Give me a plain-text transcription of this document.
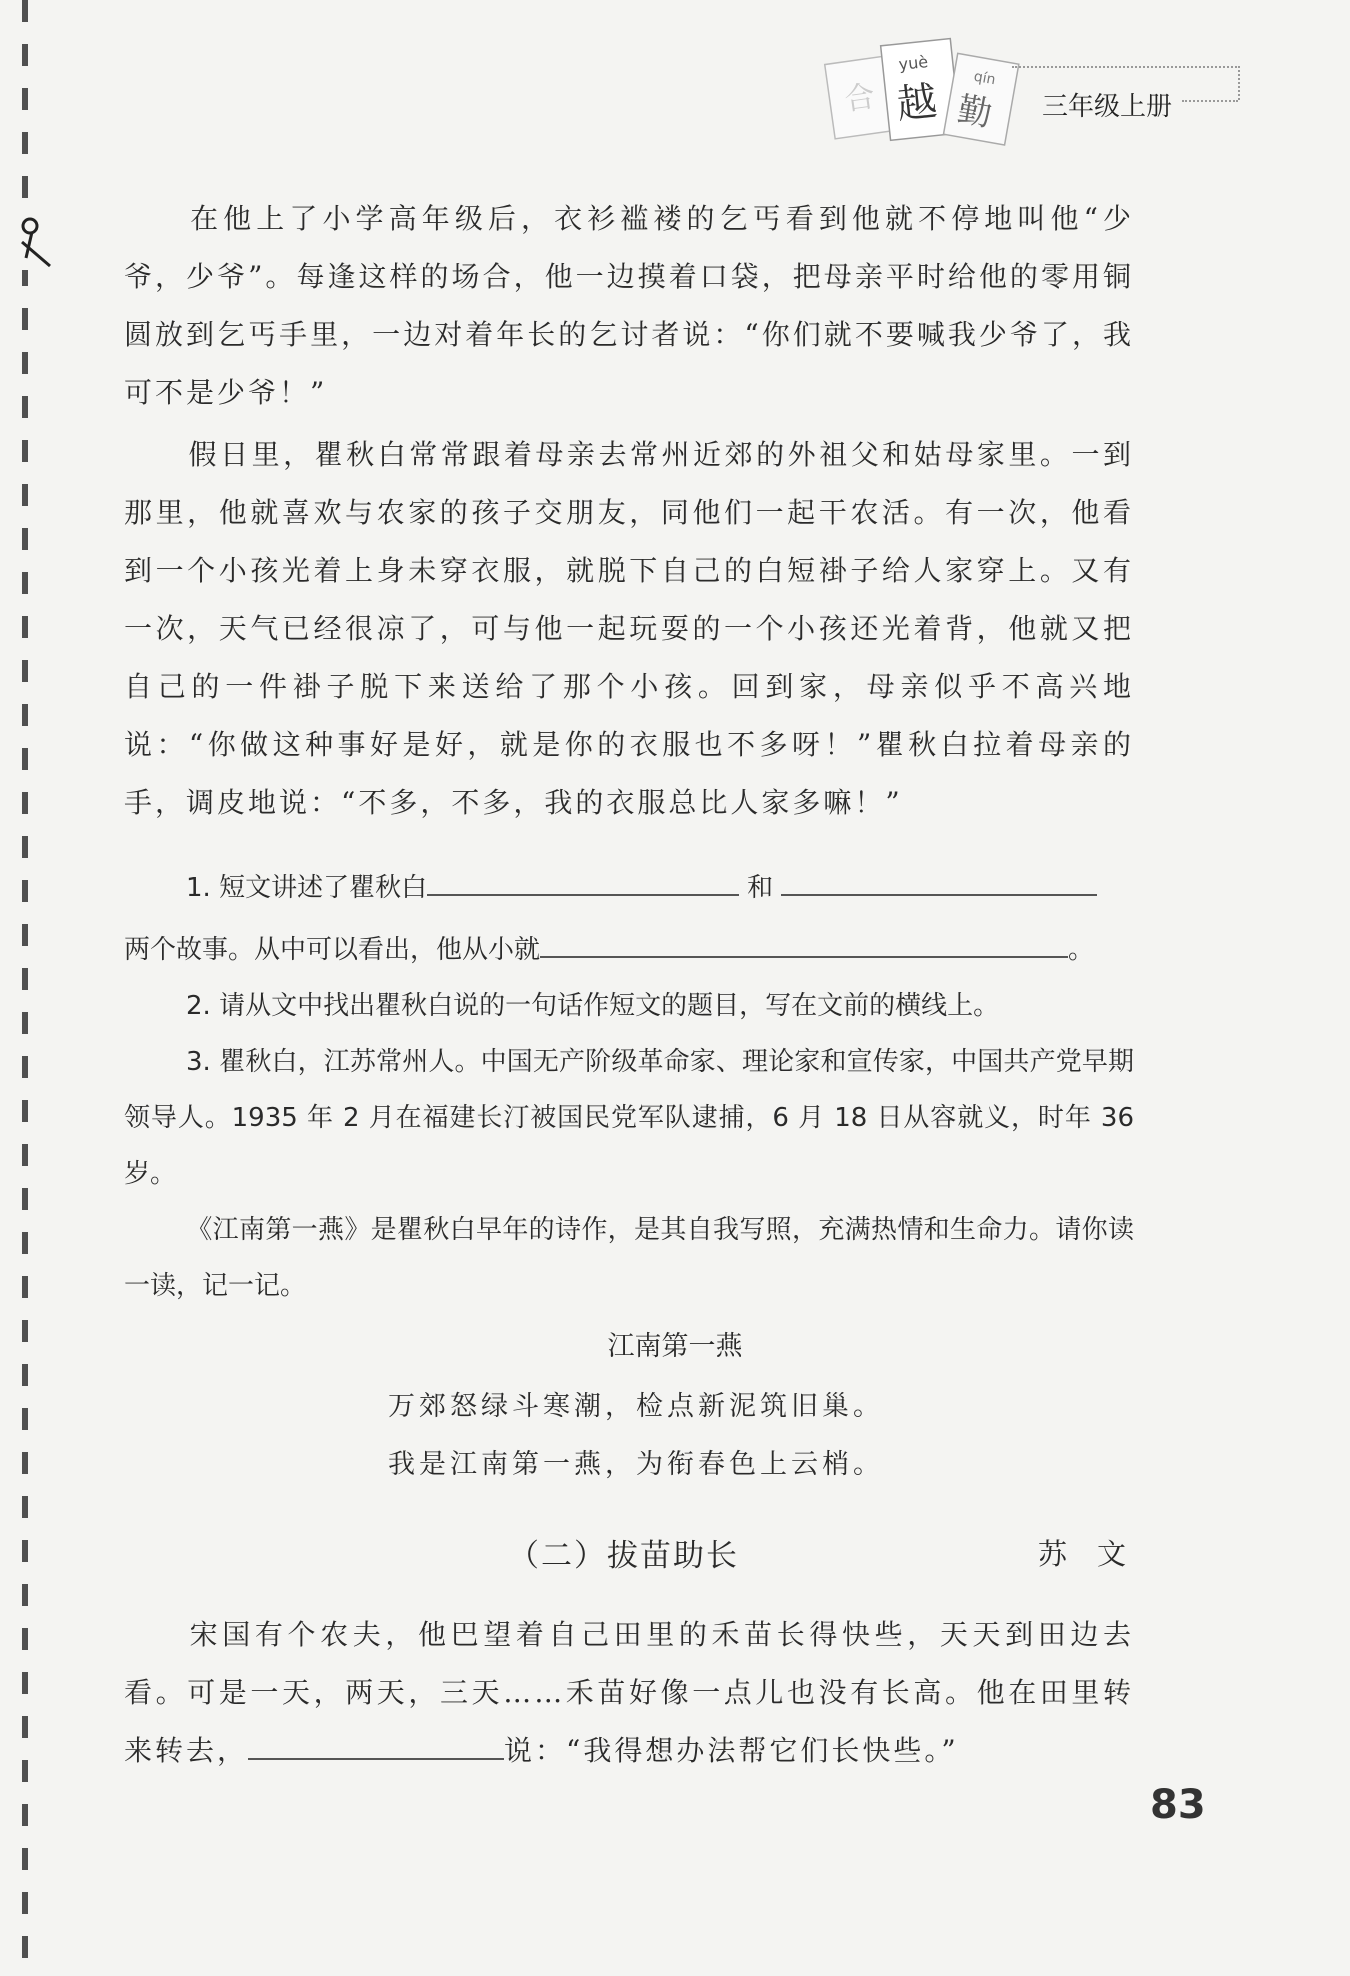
合
yuè
越 qín
勤 三年级上册

在他上了小学高年级后，衣衫褴褛的乞丐看到他就不停地叫他“少爷，少爷”。每逢这样的场合，他一边摸着口袋，把母亲平时给他的零用铜圆放到乞丐手里，一边对着年长的乞讨者说：“你们就不要喊我少爷了，我可不是少爷！”

假日里，瞿秋白常常跟着母亲去常州近郊的外祖父和姑母家里。一到那里，他就喜欢与农家的孩子交朋友，同他们一起干农活。有一次，他看到一个小孩光着上身未穿衣服，就脱下自己的白短褂子给人家穿上。又有一次，天气已经很凉了，可与他一起玩耍的一个小孩还光着背，他就又把自己的一件褂子脱下来送给了那个小孩。回到家，母亲似乎不高兴地说：“你做这种事好是好，就是你的衣服也不多呀！”瞿秋白拉着母亲的手，调皮地说：“不多，不多，我的衣服总比人家多嘛！”

1. 短文讲述了瞿秋白	和
两个故事。从中可以看出，他从小就	。
2. 请从文中找出瞿秋白说的一句话作短文的题目，写在文前的横线上。
3. 瞿秋白，江苏常州人。中国无产阶级革命家、理论家和宣传家，中国共产党早期领导人。1935 年 2 月在福建长汀被国民党军队逮捕，6 月 18 日从容就义，时年 36 岁。
《江南第一燕》是瞿秋白早年的诗作，是其自我写照，充满热情和生命力。请你读一读，记一记。
江南第一燕
万郊怒绿斗寒潮，检点新泥筑旧巢。
我是江南第一燕，为衔春色上云梢。
（二）拔苗助长	苏文

宋国有个农夫，他巴望着自己田里的禾苗长得快些，天天到田边去看。可是一天，两天，三天……禾苗好像一点儿也没有长高。他在田里转来转去，	说：“我得想办法帮它们长快些。”

83
